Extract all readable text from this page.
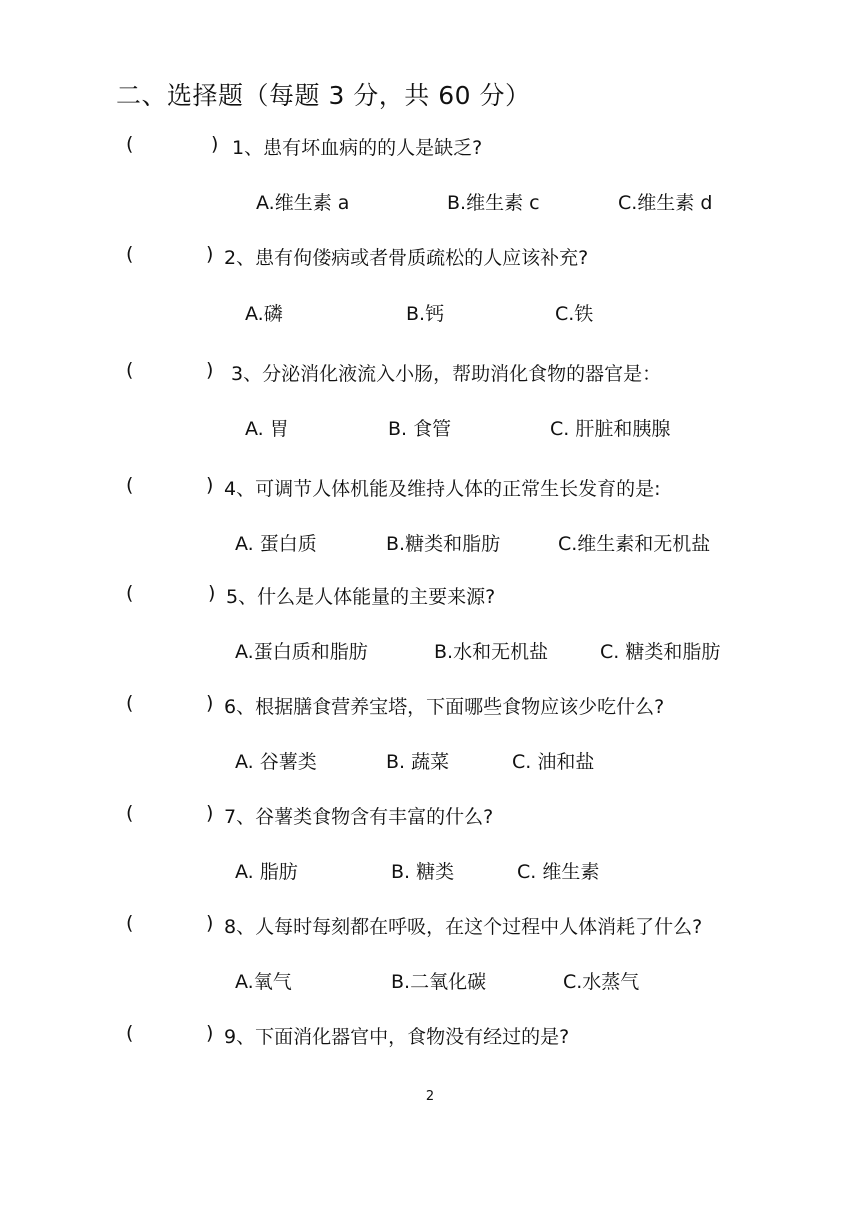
二、选择题（每题 3 分，共 60 分）
(	) 1、患有坏血病的的人是缺乏?
A.维生素 a	B.维生素 c	C.维生素 d
(	) 2、患有佝偻病或者骨质疏松的人应该补充?
A.磷	B.钙	C.铁
(	) 3、分泌消化液流入小肠，帮助消化食物的器官是：
A. 胃	B. 食管	C. 肝脏和胰腺
(	) 4、可调节人体机能及维持人体的正常生长发育的是:
A. 蛋白质	B.糖类和脂肪	C.维生素和无机盐
(	) 5、什么是人体能量的主要来源?
A.蛋白质和脂肪	B.水和无机盐	C. 糖类和脂肪
(	) 6、根据膳食营养宝塔，下面哪些食物应该少吃什么?
A. 谷薯类	B. 蔬菜	C. 油和盐
(	) 7、谷薯类食物含有丰富的什么?
A. 脂肪	B. 糖类	C. 维生素
(	) 8、人每时每刻都在呼吸，在这个过程中人体消耗了什么?
A.氧气	B.二氧化碳	C.水蒸气
(	) 9、下面消化器官中，食物没有经过的是?
2
